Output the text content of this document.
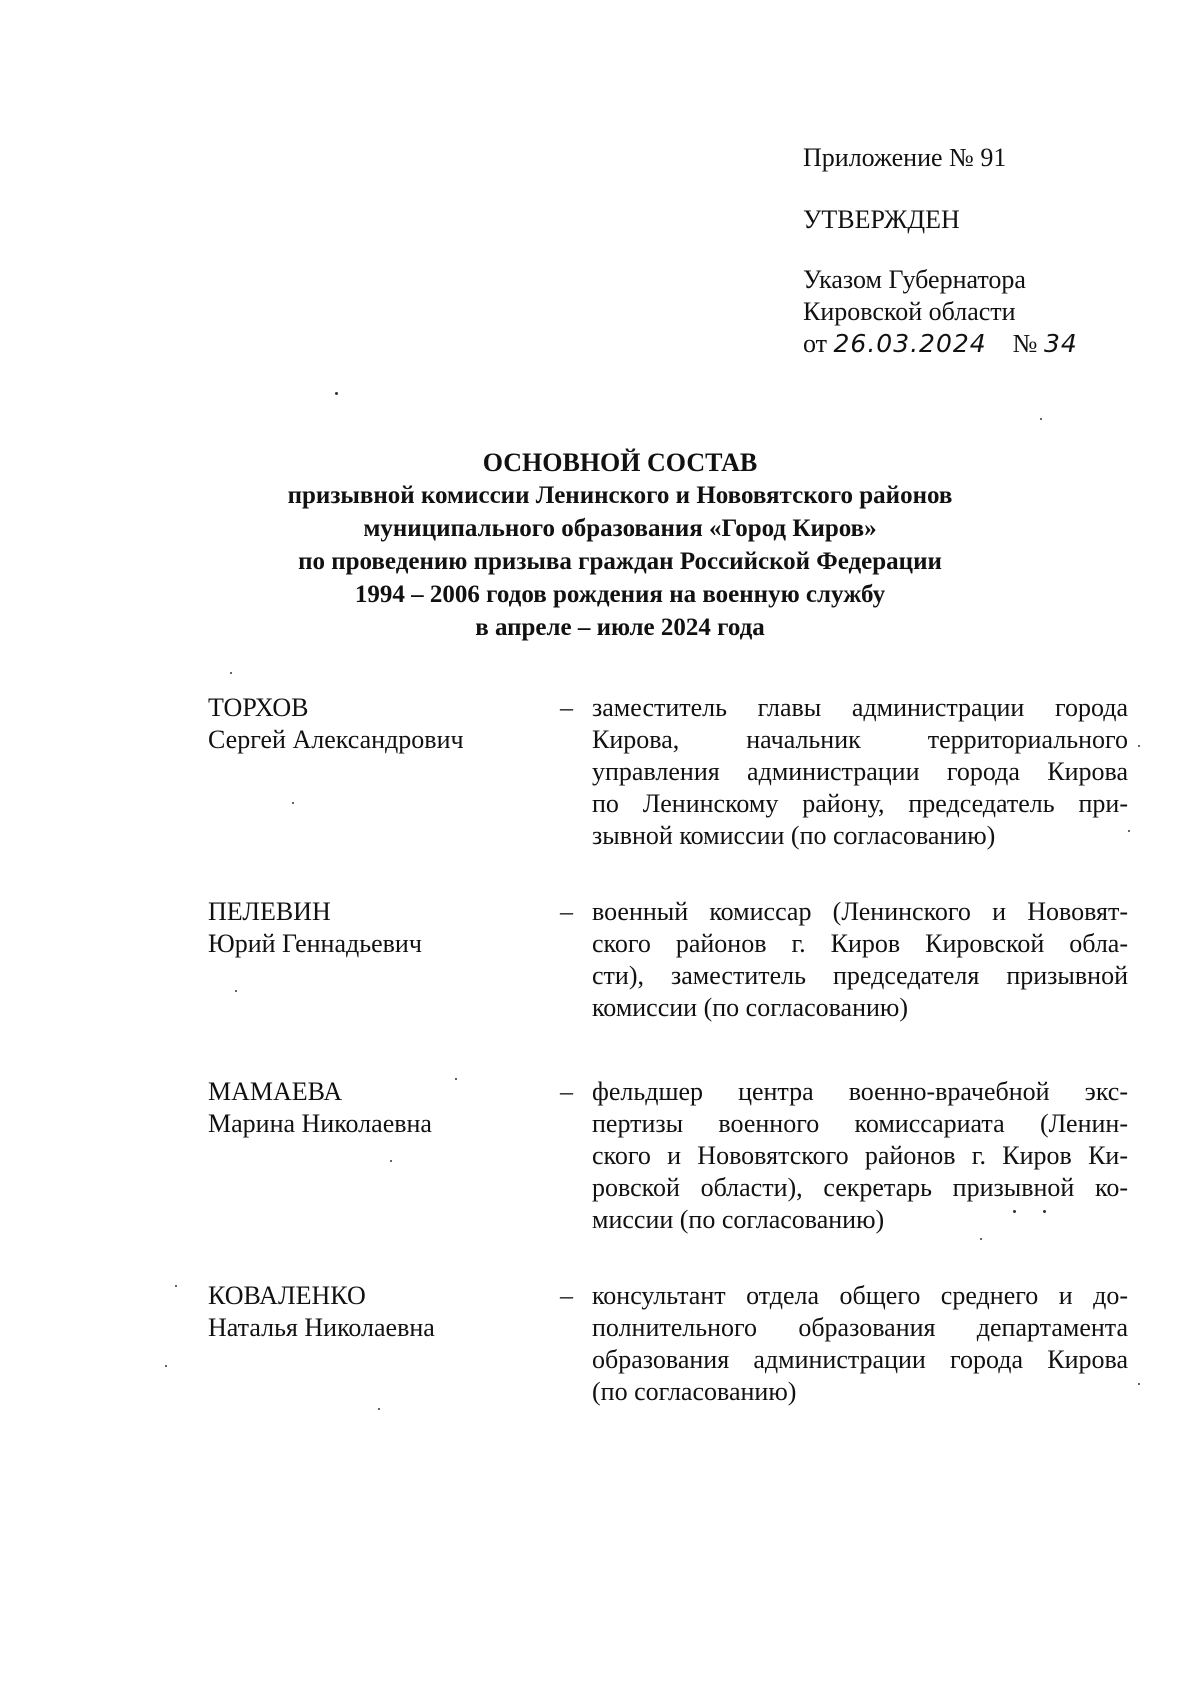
Приложение № 91
УТВЕРЖДЕН
Указом Губернатора
Кировской области
от 26.03.2024 № 34
ОСНОВНОЙ СОСТАВ
призывной комиссии Ленинского и Нововятского районов
муниципального образования «Город Киров»
по проведению призыва граждан Российской Федерации
1994 – 2006 годов рождения на военную службу
в апреле – июле 2024 года
ТОРХОВ
Сергей Александрович
– заместитель главы администрации города
Кирова, начальник территориального
управления администрации города Кирова
по Ленинскому району, председатель при-
зывной комиссии (по согласованию)
ПЕЛЕВИН
Юрий Геннадьевич
– военный комиссар (Ленинского и Нововят-
ского районов г. Киров Кировской обла-
сти), заместитель председателя призывной
комиссии (по согласованию)
МАМАЕВА
Марина Николаевна
– фельдшер центра военно-врачебной экс-
пертизы военного комиссариата (Ленин-
ского и Нововятского районов г. Киров Ки-
ровской области), секретарь призывной ко-
миссии (по согласованию)
КОВАЛЕНКО
Наталья Николаевна
– консультант отдела общего среднего и до-
полнительного образования департамента
образования администрации города Кирова
(по согласованию)
